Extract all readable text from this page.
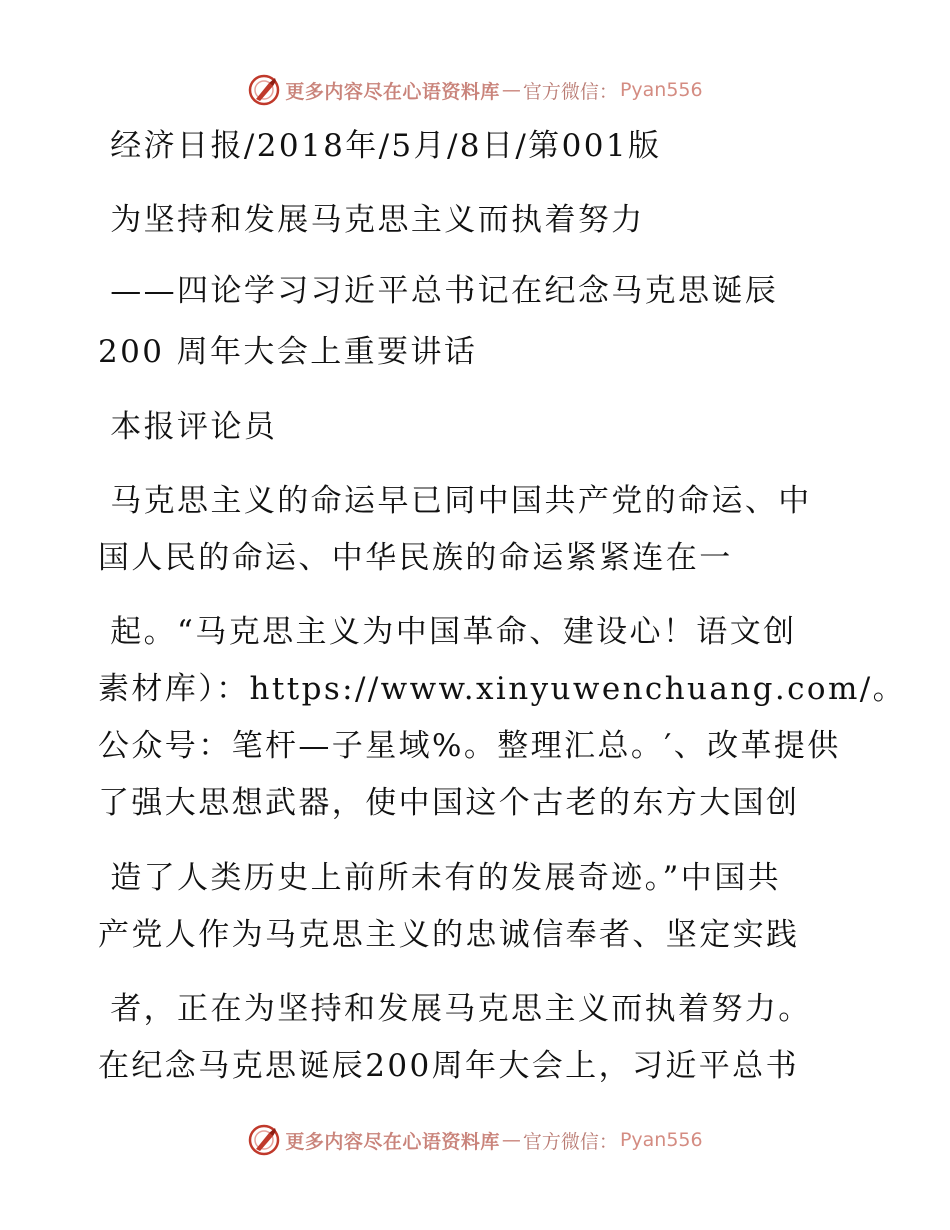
更多内容尽在心语资料库 — 官方微信： Pyan556
经济日报/2018年/5月/8日/第001版
为坚持和发展马克思主义而执着努力
——四论学习习近平总书记在纪念马克思诞辰
200 周年大会上重要讲话
本报评论员
马克思主义的命运早已同中国共产党的命运、中
国人民的命运、中华民族的命运紧紧连在一
起。“马克思主义为中国革命、建设心！语文创
素材库）：https://www.xinyuwenchuang.com/。
公众号：笔杆—子星域%。整理汇总。′、改革提供
了强大思想武器，使中国这个古老的东方大国创
造了人类历史上前所未有的发展奇迹。”中国共
产党人作为马克思主义的忠诚信奉者、坚定实践
者，正在为坚持和发展马克思主义而执着努力。
在纪念马克思诞辰200周年大会上，习近平总书
更多内容尽在心语资料库 — 官方微信： Pyan556
